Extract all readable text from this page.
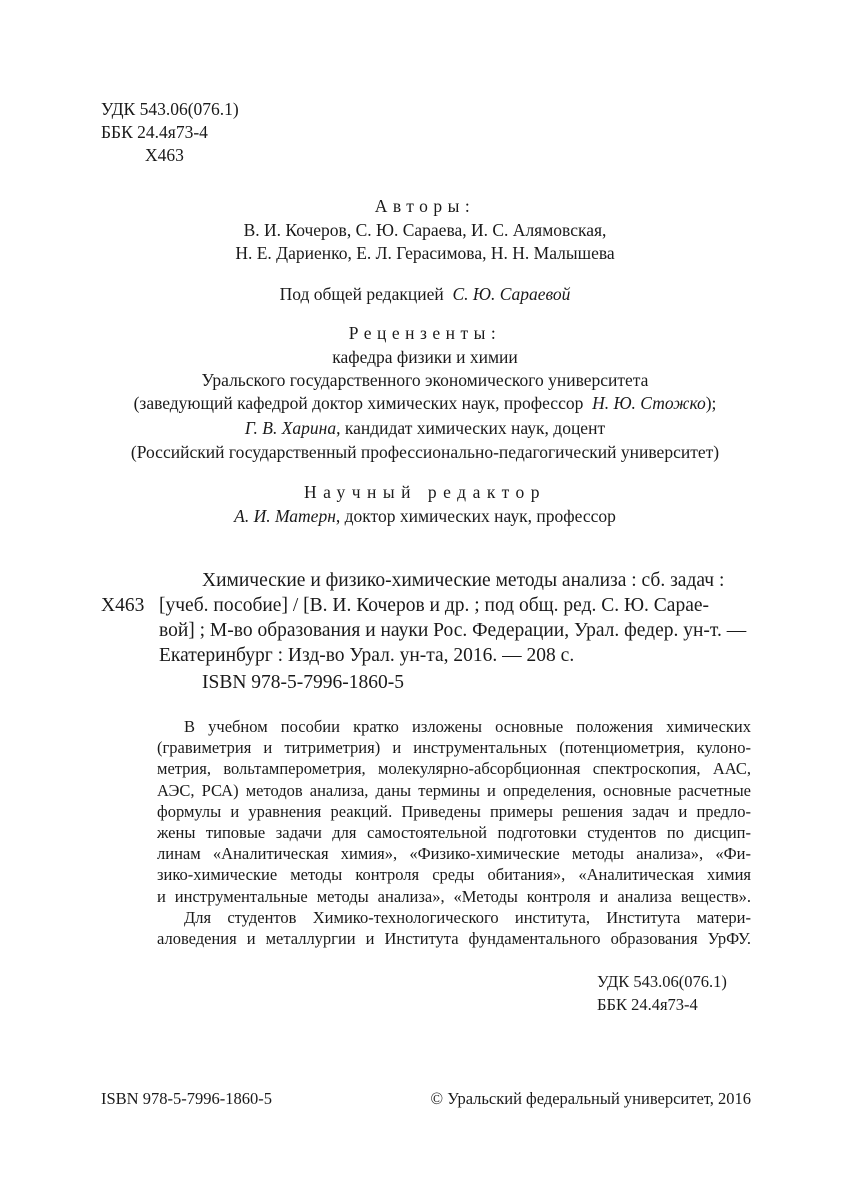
УДК 543.06(076.1)
ББК 24.4я73-4
Х463
Авторы:
В. И. Кочеров, С. Ю. Сараева, И. С. Алямовская,
Н. Е. Дариенко, Е. Л. Герасимова, Н. Н. Малышева
Под общей редакцией С. Ю. Сараевой
Рецензенты:
кафедра физики и химии
Уральского государственного экономического университета
(заведующий кафедрой доктор химических наук, профессор Н. Ю. Стожко);
Г. В. Харина, кандидат химических наук, доцент
(Российский государственный профессионально-педагогический университет)
Научный редактор
А. И. Матерн, доктор химических наук, профессор
Химические и физико-химические методы анализа : сб. задач :
Х463 [учеб. пособие] / [В. И. Кочеров и др. ; под общ. ред. С. Ю. Сарае-
вой] ; М-во образования и науки Рос. Федерации, Урал. федер. ун-т. —
Екатеринбург : Изд-во Урал. ун-та, 2016. — 208 с.
ISBN 978-5-7996-1860-5

В учебном пособии кратко изложены основные положения химических

(гравиметрия и титриметрия) и инструментальных (потенциометрия, кулоно-
метрия, вольтамперометрия, молекулярно-абсорбционная спектроскопия, ААС,
АЭС, РСА) методов анализа, даны термины и определения, основные расчетные
формулы и уравнения реакций. Приведены примеры решения задач и предло-
жены типовые задачи для самостоятельной подготовки студентов по дисцип-
линам «Аналитическая химия», «Физико-химические методы анализа», «Фи-
зико-химические методы контроля среды обитания», «Аналитическая химия
и инструментальные методы анализа», «Методы контроля и анализа веществ».
Для студентов Химико-технологического института, Института матери-
аловедения и металлургии и Института фундаментального образования УрФУ.
УДК 543.06(076.1)
ББК 24.4я73-4
ISBN 978-5-7996-1860-5	© Уральский федеральный университет, 2016
